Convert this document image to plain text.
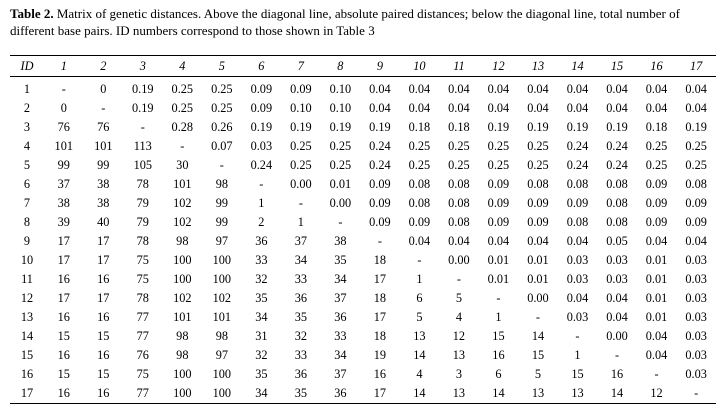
Table 2. Matrix of genetic distances. Above the diagonal line, absolute paired distances; below the diagonal line, total number of different base pairs. ID numbers correspond to those shown in Table 3
ID	1	2	3	4	5	6	7	8	9	10	11	12	13	14	15	16	17
1	-	0	0.19	0.25	0.25	0.09	0.09	0.10	0.04	0.04	0.04	0.04	0.04	0.04	0.04	0.04	0.04
2	0	-	0.19	0.25	0.25	0.09	0.10	0.10	0.04	0.04	0.04	0.04	0.04	0.04	0.04	0.04	0.04
3	76	76	-	0.28	0.26	0.19	0.19	0.19	0.19	0.18	0.18	0.19	0.19	0.19	0.19	0.18	0.19
4	101	101	113	-	0.07	0.03	0.25	0.25	0.24	0.25	0.25	0.25	0.25	0.24	0.24	0.25	0.25
5	99	99	105	30	-	0.24	0.25	0.25	0.24	0.25	0.25	0.25	0.25	0.24	0.24	0.25	0.25
6	37	38	78	101	98	-	0.00	0.01	0.09	0.08	0.08	0.09	0.08	0.08	0.08	0.09	0.08
7	38	38	79	102	99	1	-	0.00	0.09	0.08	0.08	0.09	0.09	0.09	0.08	0.09	0.09
8	39	40	79	102	99	2	1	-	0.09	0.09	0.08	0.09	0.09	0.08	0.08	0.09	0.09
9	17	17	78	98	97	36	37	38	-	0.04	0.04	0.04	0.04	0.04	0.05	0.04	0.04
10	17	17	75	100	100	33	34	35	18	-	0.00	0.01	0.01	0.03	0.03	0.01	0.03
11	16	16	75	100	100	32	33	34	17	1	-	0.01	0.01	0.03	0.03	0.01	0.03
12	17	17	78	102	102	35	36	37	18	6	5	-	0.00	0.04	0.04	0.01	0.03
13	16	16	77	101	101	34	35	36	17	5	4	1	-	0.03	0.04	0.01	0.03
14	15	15	77	98	98	31	32	33	18	13	12	15	14	-	0.00	0.04	0.03
15	16	16	76	98	97	32	33	34	19	14	13	16	15	1	-	0.04	0.03
16	15	15	75	100	100	35	36	37	16	4	3	6	5	15	16	-	0.03
17	16	16	77	100	100	34	35	36	17	14	13	14	13	13	14	12	-
